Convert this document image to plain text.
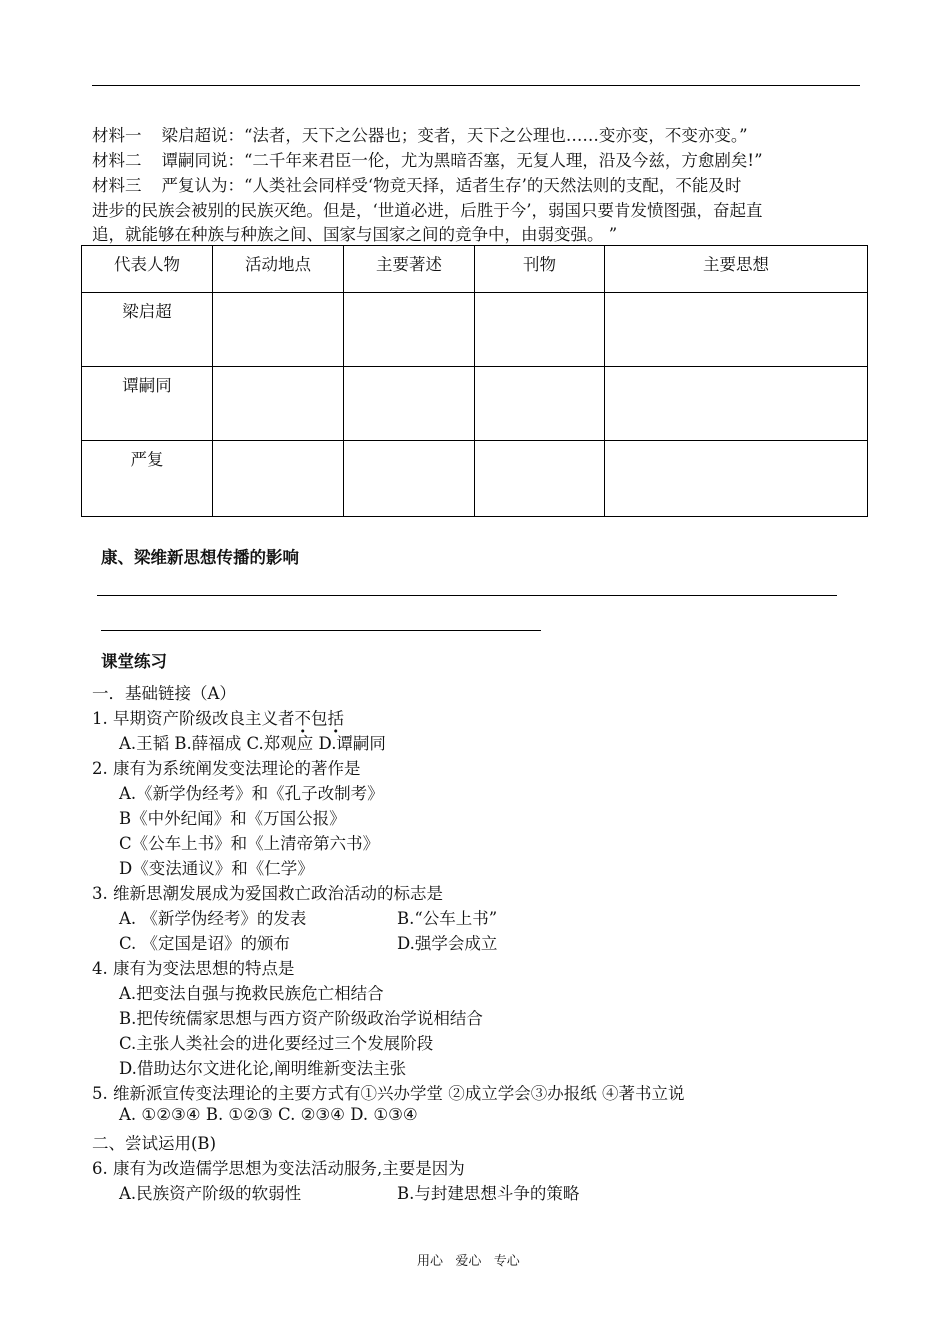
材料一 梁启超说：“法者，天下之公器也；变者，天下之公理也……变亦变，不变亦变。”
材料二 谭嗣同说：“二千年来君臣一伦，尤为黑暗否塞，无复人理，沿及今兹，方愈剧矣!”
材料三 严复认为：“人类社会同样受‘物竞天择，适者生存’的天然法则的支配，不能及时
进步的民族会被别的民族灭绝。但是，‘世道必进，后胜于今’，弱国只要肯发愤图强，奋起直
追，就能够在种族与种族之间、国家与国家之间的竞争中，由弱变强。 ”
代表人物	活动地点	主要著述	刊物	主要思想
梁启超				
谭嗣同				
严复				
康、梁维新思想传播的影响
课堂练习
一．基础链接（A）
1. 早期资产阶级改良主义者不包括
A.王韬 B.薛福成 C.郑观应 D.谭嗣同
2. 康有为系统阐发变法理论的著作是
A.《新学伪经考》和《孔子改制考》
B《中外纪闻》和《万国公报》
C《公车上书》和《上清帝第六书》
D《变法通议》和《仁学》
3. 维新思潮发展成为爱国救亡政治活动的标志是
A. 《新学伪经考》的发表	B.“公车上书”
C. 《定国是诏》的颁布	D.强学会成立
4. 康有为变法思想的特点是
A.把变法自强与挽救民族危亡相结合
B.把传统儒家思想与西方资产阶级政治学说相结合
C.主张人类社会的进化要经过三个发展阶段
D.借助达尔文进化论,阐明维新变法主张
5. 维新派宣传变法理论的主要方式有①兴办学堂 ②成立学会③办报纸 ④著书立说
A. ①②③④ B. ①②③ C. ②③④ D. ①③④
二、尝试运用(B)
6. 康有为改造儒学思想为变法活动服务,主要是因为
A.民族资产阶级的软弱性	B.与封建思想斗争的策略
用心   爱心   专心
